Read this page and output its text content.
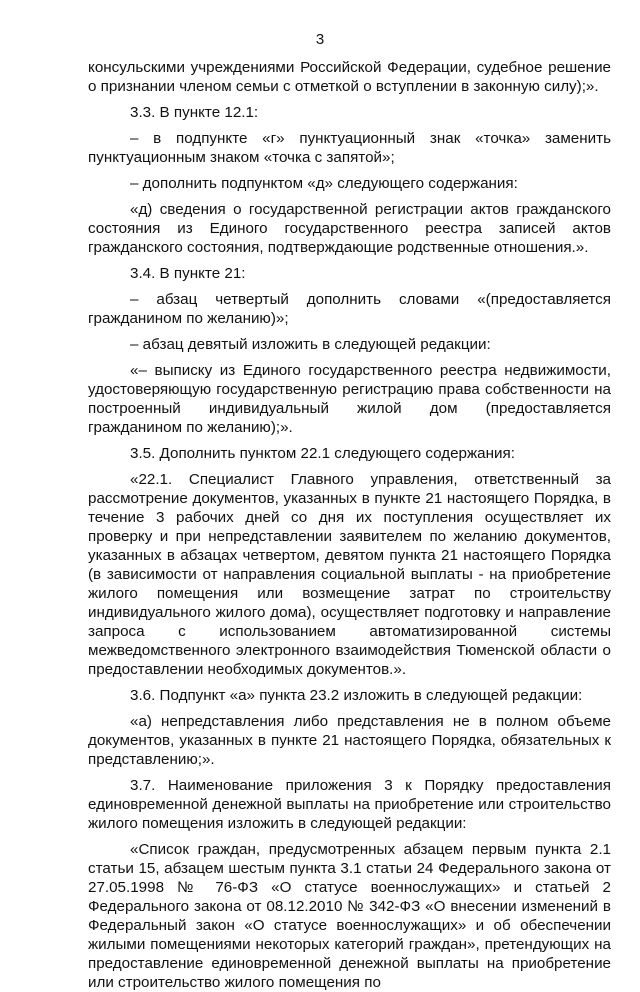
3

консульскими учреждениями Российской Федерации, судебное решение о признании членом семьи с отметкой о вступлении в законную силу);».

3.3. В пункте 12.1:

– в подпункте «г» пунктуационный знак «точка» заменить пунктуационным знаком «точка с запятой»;

– дополнить подпунктом «д» следующего содержания:

«д) сведения о государственной регистрации актов гражданского состояния из Единого государственного реестра записей актов гражданского состояния, подтверждающие родственные отношения.».

3.4. В пункте 21:

– абзац четвертый дополнить словами «(предоставляется гражданином по желанию)»;

– абзац девятый изложить в следующей редакции:

«– выписку из Единого государственного реестра недвижимости, удостоверяющую государственную регистрацию права собственности на построенный индивидуальный жилой дом (предоставляется гражданином по желанию);».

3.5. Дополнить пунктом 22.1 следующего содержания:

«22.1. Специалист Главного управления, ответственный за рассмотрение документов, указанных в пункте 21 настоящего Порядка, в течение 3 рабочих дней со дня их поступления осуществляет их проверку и при непредставлении заявителем по желанию документов, указанных в абзацах четвертом, девятом пункта 21 настоящего Порядка (в зависимости от направления социальной выплаты - на приобретение жилого помещения или возмещение затрат по строительству индивидуального жилого дома), осуществляет подготовку и направление запроса с использованием автоматизированной системы межведомственного электронного взаимодействия Тюменской области о предоставлении необходимых документов.».

3.6. Подпункт «а» пункта 23.2 изложить в следующей редакции:

«а) непредставления либо представления не в полном объеме документов, указанных в пункте 21 настоящего Порядка, обязательных к представлению;».

3.7. Наименование приложения 3 к Порядку предоставления единовременной денежной выплаты на приобретение или строительство жилого помещения изложить в следующей редакции:

«Список граждан, предусмотренных абзацем первым пункта 2.1 статьи 15, абзацем шестым пункта 3.1 статьи 24 Федерального закона от 27.05.1998 № 76-ФЗ «О статусе военнослужащих» и статьей 2 Федерального закона от 08.12.2010 № 342-ФЗ «О внесении изменений в Федеральный закон «О статусе военнослужащих» и об обеспечении жилыми помещениями некоторых категорий граждан», претендующих на предоставление единовременной денежной выплаты на приобретение или строительство жилого помещения по
